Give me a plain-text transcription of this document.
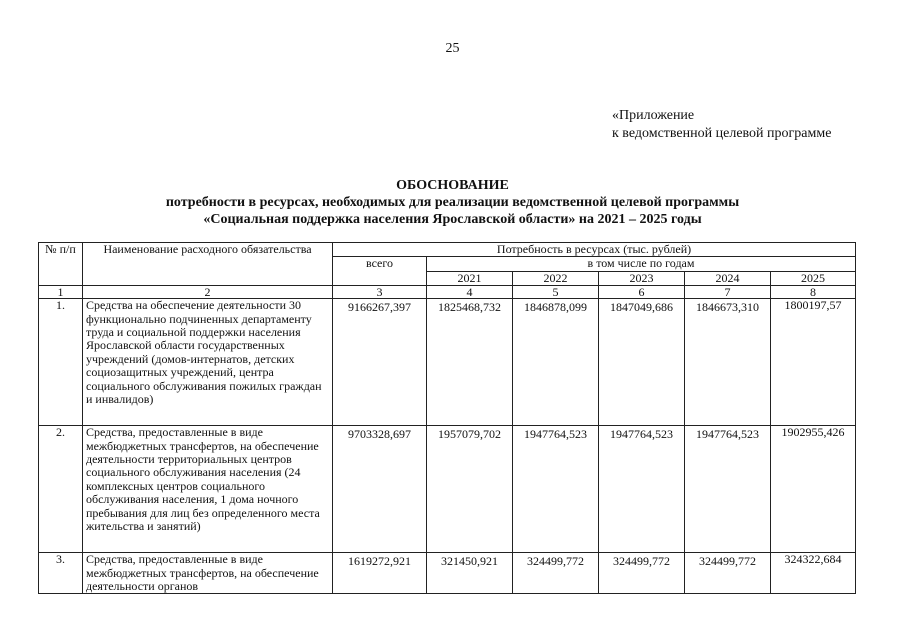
25
«Приложение
к ведомственной целевой программе
ОБОСНОВАНИЕ
потребности в ресурсах, необходимых для реализации ведомственной целевой программы
«Социальная поддержка населения Ярославской области» на 2021 – 2025 годы
№ п/п	Наименование расходного обязательства	Потребность в ресурсах (тыс. рублей)					
		всего	в том числе по годам				
			2021	2022	2023	2024	2025
1	2	3	4	5	6	7	8
1.	Средства на обеспечение деятельности 30 функционально подчиненных департаменту труда и социальной поддержки населения Ярославской области государственных учреждений (домов-интернатов, детских социозащитных учреждений, центра социального обслуживания пожилых граждан и инвалидов)	9166267,397	1825468,732	1846878,099	1847049,686	1846673,310	1800197,57
2.	Средства, предоставленные в виде межбюджетных трансфертов, на обеспечение деятельности территориальных центров социального обслуживания населения (24 комплексных центров социального обслуживания населения, 1 дома ночного пребывания для лиц без определенного места жительства и занятий)	9703328,697	1957079,702	1947764,523	1947764,523	1947764,523	1902955,426
3.	Средства, предоставленные в виде межбюджетных трансфертов, на обеспечение деятельности органов	1619272,921	321450,921	324499,772	324499,772	324499,772	324322,684
